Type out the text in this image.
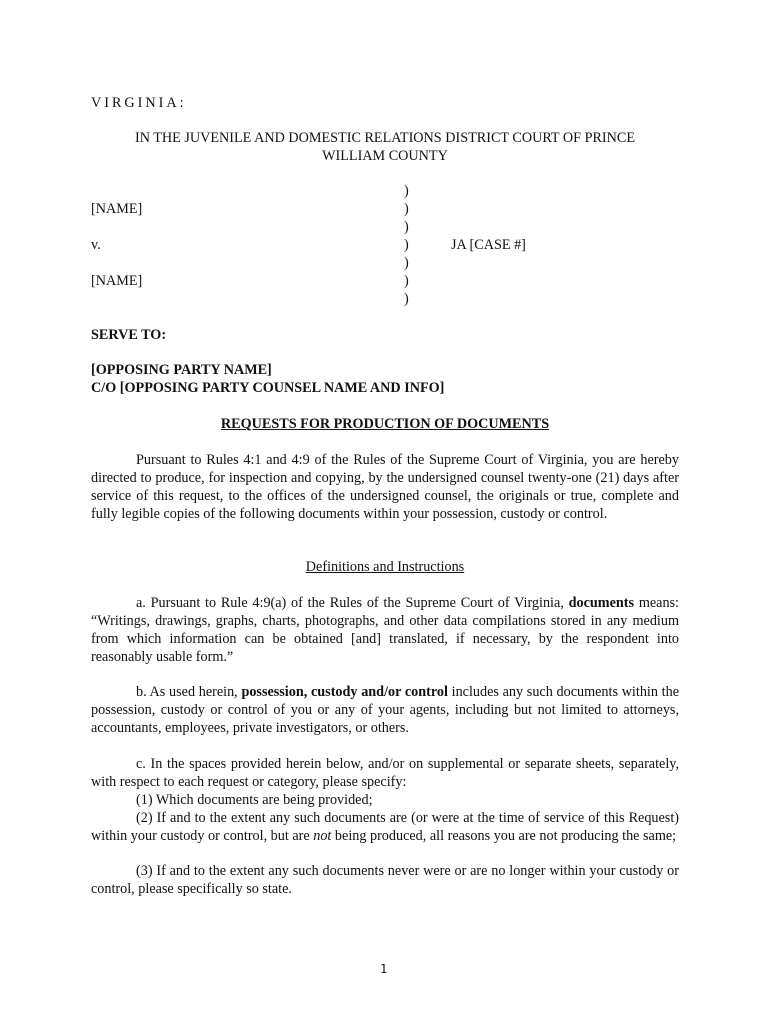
VIRGINIA:
IN THE JUVENILE AND DOMESTIC RELATIONS DISTRICT COURT OF PRINCE
WILLIAM COUNTY
[NAME]
v.
[NAME]
)
)
)
)
)
)
)
JA [CASE #]
SERVE TO:
[OPPOSING PARTY NAME]
C/O [OPPOSING PARTY COUNSEL NAME AND INFO]
REQUESTS FOR PRODUCTION OF DOCUMENTS
Pursuant to Rules 4:1 and 4:9 of the Rules of the Supreme Court of Virginia, you are hereby directed to produce, for inspection and copying, by the undersigned counsel twenty-one (21) days after service of this request, to the offices of the undersigned counsel, the originals or true, complete and fully legible copies of the following documents within your possession, custody or control.
Definitions and Instructions
a. Pursuant to Rule 4:9(a) of the Rules of the Supreme Court of Virginia, documents means: “Writings, drawings, graphs, charts, photographs, and other data compilations stored in any medium from which information can be obtained [and] translated, if necessary, by the respondent into reasonably usable form.”
b. As used herein, possession, custody and/or control includes any such documents within the possession, custody or control of you or any of your agents, including but not limited to attorneys, accountants, employees, private investigators, or others.
c. In the spaces provided herein below, and/or on supplemental or separate sheets, separately, with respect to each request or category, please specify:
(1) Which documents are being provided;
(2) If and to the extent any such documents are (or were at the time of service of this Request) within your custody or control, but are not being produced, all reasons you are not producing the same;
(3) If and to the extent any such documents never were or are no longer within your custody or control, please specifically so state.
1
